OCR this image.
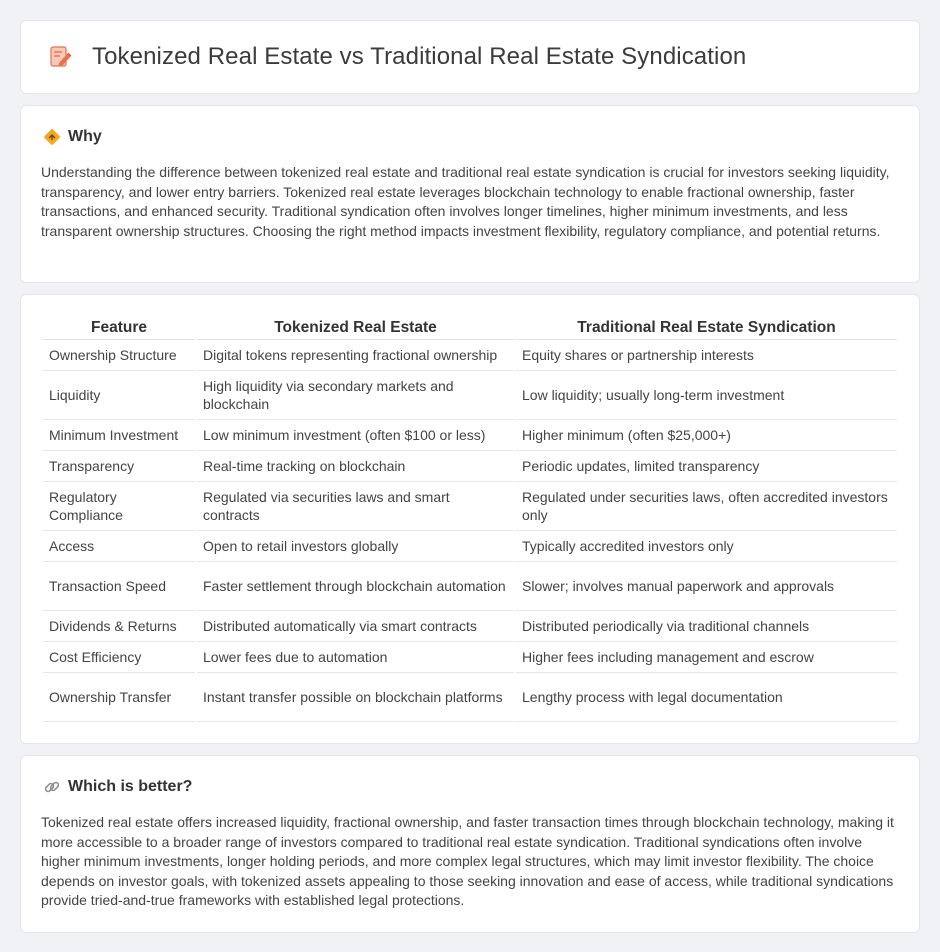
Tokenized Real Estate vs Traditional Real Estate Syndication
Why

Understanding the difference between tokenized real estate and traditional real estate syndication is crucial for investors seeking liquidity, transparency, and lower entry barriers. Tokenized real estate leverages blockchain technology to enable fractional ownership, faster transactions, and enhanced security. Traditional syndication often involves longer timelines, higher minimum investments, and less transparent ownership structures. Choosing the right method impacts investment flexibility, regulatory compliance, and potential returns.

Feature	Tokenized Real Estate	Traditional Real Estate Syndication
Ownership Structure	Digital tokens representing fractional ownership	Equity shares or partnership interests
Liquidity	High liquidity via secondary markets and blockchain	Low liquidity; usually long-term investment
Minimum Investment	Low minimum investment (often $100 or less)	Higher minimum (often $25,000+)
Transparency	Real-time tracking on blockchain	Periodic updates, limited transparency
Regulatory Compliance	Regulated via securities laws and smart contracts	Regulated under securities laws, often accredited investors only
Access	Open to retail investors globally	Typically accredited investors only
Transaction Speed	Faster settlement through blockchain automation	Slower; involves manual paperwork and approvals
Dividends & Returns	Distributed automatically via smart contracts	Distributed periodically via traditional channels
Cost Efficiency	Lower fees due to automation	Higher fees including management and escrow
Ownership Transfer	Instant transfer possible on blockchain platforms	Lengthy process with legal documentation
Which is better?

Tokenized real estate offers increased liquidity, fractional ownership, and faster transaction times through blockchain technology, making it more accessible to a broader range of investors compared to traditional real estate syndication. Traditional syndications often involve higher minimum investments, longer holding periods, and more complex legal structures, which may limit investor flexibility. The choice depends on investor goals, with tokenized assets appealing to those seeking innovation and ease of access, while traditional syndications provide tried-and-true frameworks with established legal protections.
